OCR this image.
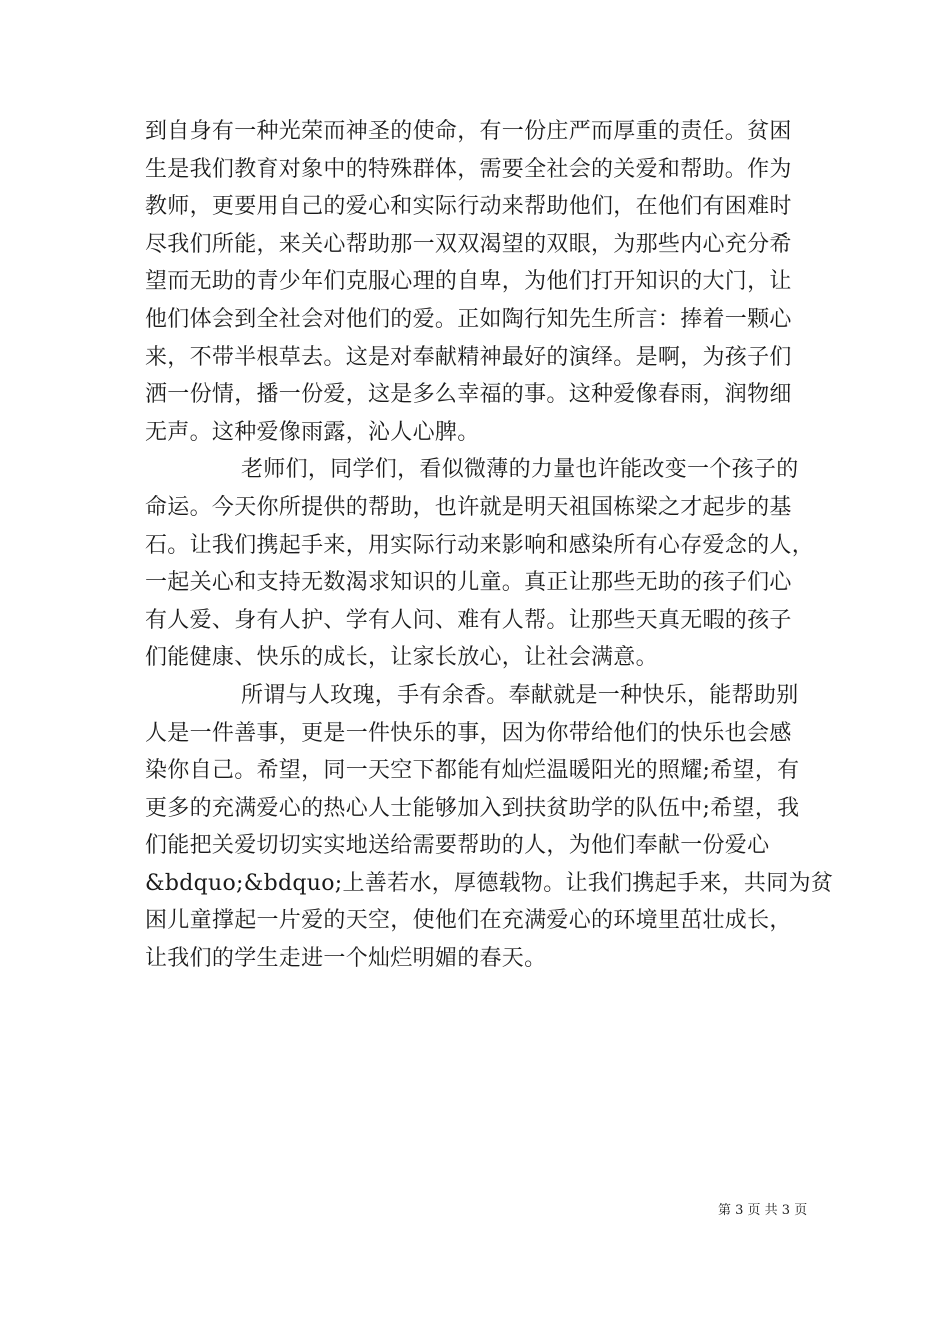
到自身有一种光荣而神圣的使命，有一份庄严而厚重的责任。贫困
生是我们教育对象中的特殊群体，需要全社会的关爱和帮助。作为
教师，更要用自己的爱心和实际行动来帮助他们，在他们有困难时
尽我们所能，来关心帮助那一双双渴望的双眼，为那些内心充分希
望而无助的青少年们克服心理的自卑，为他们打开知识的大门，让
他们体会到全社会对他们的爱。正如陶行知先生所言：捧着一颗心
来，不带半根草去。这是对奉献精神最好的演绎。是啊，为孩子们
洒一份情，播一份爱，这是多么幸福的事。这种爱像春雨，润物细
无声。这种爱像雨露，沁人心脾。
老师们，同学们，看似微薄的力量也许能改变一个孩子的
命运。今天你所提供的帮助，也许就是明天祖国栋梁之才起步的基
石。让我们携起手来，用实际行动来影响和感染所有心存爱念的人，
一起关心和支持无数渴求知识的儿童。真正让那些无助的孩子们心
有人爱、身有人护、学有人问、难有人帮。让那些天真无暇的孩子
们能健康、快乐的成长，让家长放心，让社会满意。
所谓与人玫瑰，手有余香。奉献就是一种快乐，能帮助别
人是一件善事，更是一件快乐的事，因为你带给他们的快乐也会感
染你自己。希望，同一天空下都能有灿烂温暖阳光的照耀;希望，有
更多的充满爱心的热心人士能够加入到扶贫助学的队伍中;希望，我
们能把关爱切切实实地送给需要帮助的人，为他们奉献一份爱心
&bdquo;&bdquo;上善若水，厚德载物。让我们携起手来，共同为贫
困儿童撑起一片爱的天空，使他们在充满爱心的环境里茁壮成长，
让我们的学生走进一个灿烂明媚的春天。
第 3 页 共 3 页
